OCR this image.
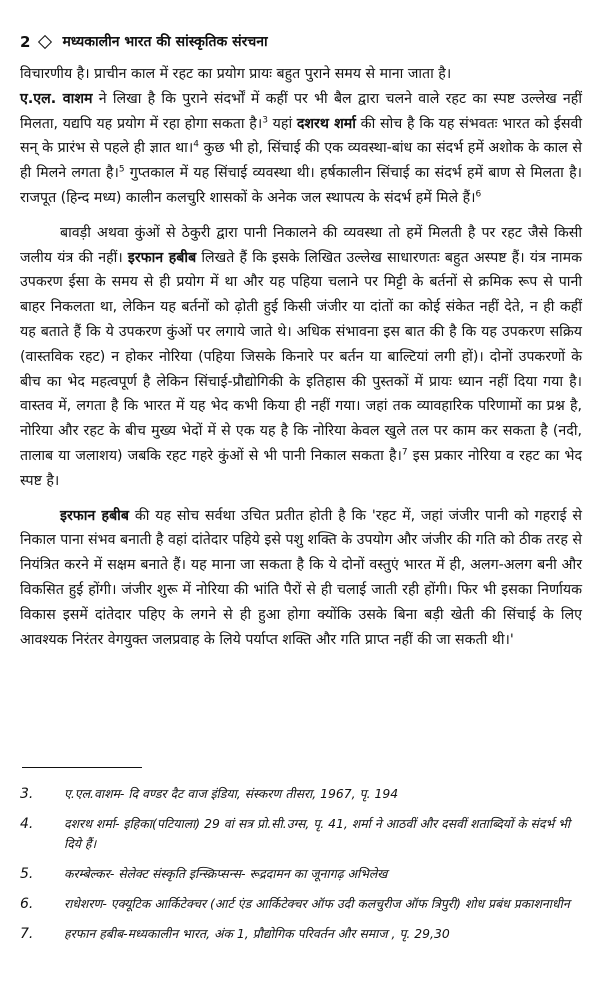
2 मध्यकालीन भारत की सांस्कृतिक संरचना

विचारणीय है। प्राचीन काल में रहट का प्रयोग प्रायः बहुत पुराने समय से माना जाता है।
ए.एल. वाशम ने लिखा है कि पुराने संदर्भों में कहीं पर भी बैल द्वारा चलने वाले रहट का स्पष्ट उल्लेख नहीं मिलता, यद्यपि यह प्रयोग में रहा होगा सकता है।$^3$ यहां दशरथ शर्मा की सोच है कि यह संभवतः भारत को ईसवी सन् के प्रारंभ से पहले ही ज्ञात था।$^4$ कुछ भी हो, सिंचाई की एक व्यवस्था-बांध का संदर्भ हमें अशोक के काल से ही मिलने लगता है।$^5$ गुप्तकाल में यह सिंचाई व्यवस्था थी। हर्षकालीन सिंचाई का संदर्भ हमें बाण से मिलता है। राजपूत (हिन्द मध्य) कालीन कलचुरि शासकों के अनेक जल स्थापत्य के संदर्भ हमें मिले हैं।$^6$

बावड़ी अथवा कुंओं से ठेकुरी द्वारा पानी निकालने की व्यवस्था तो हमें मिलती है पर रहट जैसे किसी जलीय यंत्र की नहीं। इरफान हबीब लिखते हैं कि इसके लिखित उल्लेख साधारणतः बहुत अस्पष्ट हैं। यंत्र नामक उपकरण ईसा के समय से ही प्रयोग में था और यह पहिया चलाने पर मिट्टी के बर्तनों से क्रमिक रूप से पानी बाहर निकलता था, लेकिन यह बर्तनों को ढ़ोती हुई किसी जंजीर या दांतों का कोई संकेत नहीं देते, न ही कहीं यह बताते हैं कि ये उपकरण कुंओं पर लगाये जाते थे। अधिक संभावना इस बात की है कि यह उपकरण सक्रिय (वास्तविक रहट) न होकर नोरिया (पहिया जिसके किनारे पर बर्तन या बाल्टियां लगी हों)। दोनों उपकरणों के बीच का भेद महत्वपूर्ण है लेकिन सिंचाई-प्रौद्योगिकी के इतिहास की पुस्तकों में प्रायः ध्यान नहीं दिया गया है। वास्तव में, लगता है कि भारत में यह भेद कभी किया ही नहीं गया। जहां तक व्यावहारिक परिणामों का प्रश्न है, नोरिया और रहट के बीच मुख्य भेदों में से एक यह है कि नोरिया केवल खुले तल पर काम कर सकता है (नदी, तालाब या जलाशय) जबकि रहट गहरे कुंओं से भी पानी निकाल सकता है।$^7$ इस प्रकार नोरिया व रहट का भेद स्पष्ट है।

इरफान हबीब की यह सोच सर्वथा उचित प्रतीत होती है कि 'रहट में, जहां जंजीर पानी को गहराई से निकाल पाना संभव बनाती है वहां दांतेदार पहिये इसे पशु शक्ति के उपयोग और जंजीर की गति को ठीक तरह से नियंत्रित करने में सक्षम बनाते हैं। यह माना जा सकता है कि ये दोनों वस्तुएं भारत में ही, अलग-अलग बनी और विकसित हुई होंगी। जंजीर शुरू में नोरिया की भांति पैरों से ही चलाई जाती रही होंगी। फिर भी इसका निर्णायक विकास इसमें दांतेदार पहिए के लगने से ही हुआ होगा क्योंकि उसके बिना बड़ी खेती की सिंचाई के लिए आवश्यक निरंतर वेगयुक्त जलप्रवाह के लिये पर्याप्त शक्ति और गति प्राप्त नहीं की जा सकती थी।'

3.	ए.एल.वाशम- दि वण्डर दैट वाज इंडिया, संस्करण तीसरा, 1967, पृ. 194
4.	दशरथ शर्मा- इहिका(पटियाला) 29 वां सत्र प्रो.सी.उग्स, पृ. 41, शर्मा ने आठवीं और दसवीं शताब्दियों के संदर्भ भी दिये हैं।
5.	करम्बेल्कर- सेलेक्ट संस्कृति इन्स्क्रिप्सन्स- रूद्रदामन का जूनागढ़ अभिलेख
6.	राधेशरण- एक्यूटिक आर्किटेक्चर (आर्ट एंड आर्किटेक्चर ऑफ उदी कलचुरीज ऑफ त्रिपुरी) शोध प्रबंध प्रकाशनाधीन
7.	हरफान हबीब-मध्यकालीन भारत, अंक 1, प्रौद्योगिक परिवर्तन और समाज , पृ. 29,30
